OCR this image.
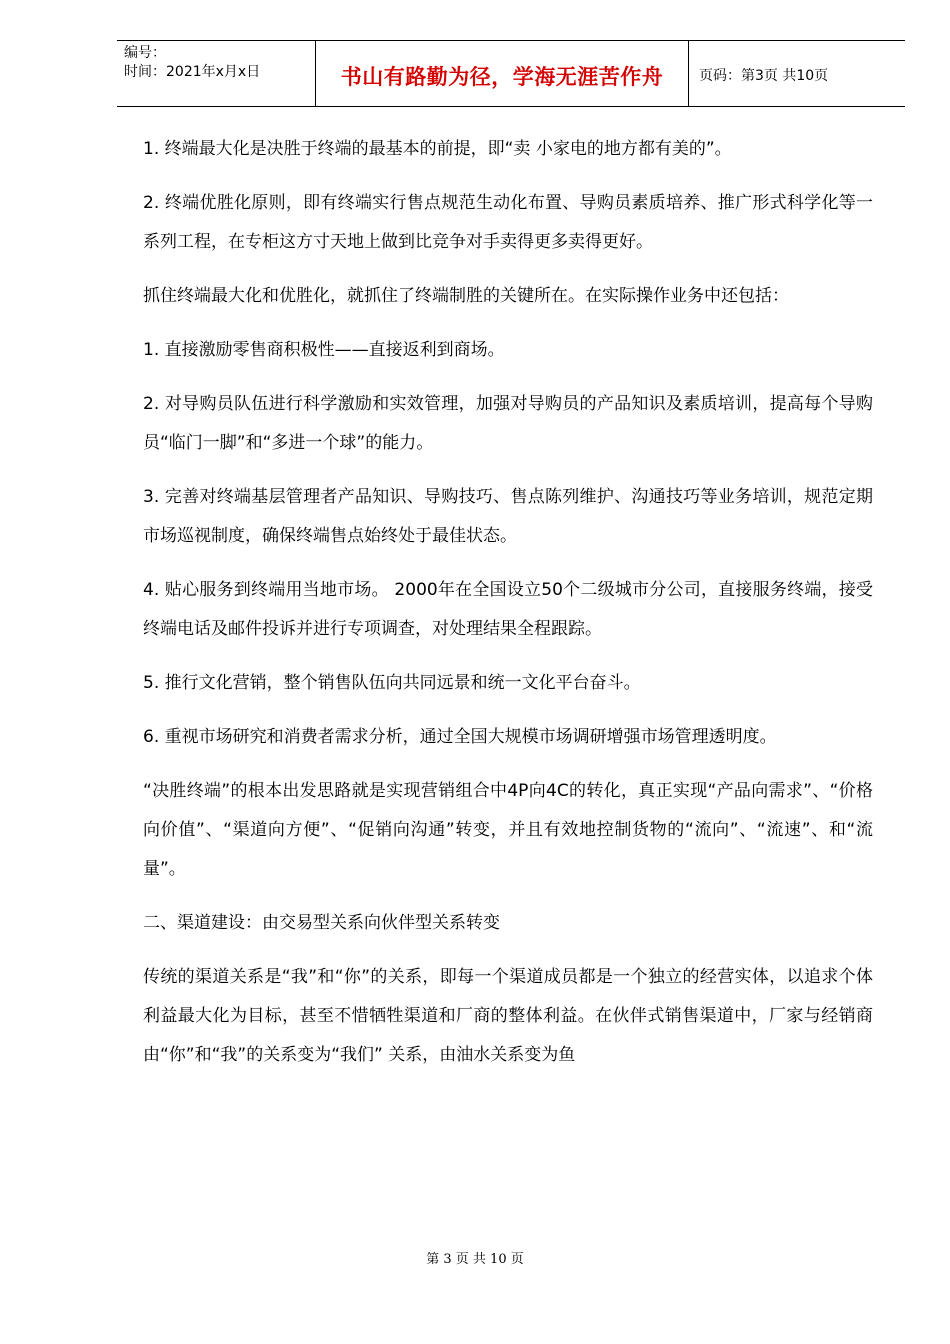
编号：
时间：2021年x月x日	书山有路勤为径，学海无涯苦作舟	页码：第3页 共10页

1. 终端最大化是决胜于终端的最基本的前提，即“卖 小家电的地方都有美的”。

2. 终端优胜化原则，即有终端实行售点规范生动化布置、导购员素质培养、推广形式科学化等一系列工程，在专柜这方寸天地上做到比竞争对手卖得更多卖得更好。

抓住终端最大化和优胜化，就抓住了终端制胜的关键所在。在实际操作业务中还包括：

1. 直接激励零售商积极性——直接返利到商场。

2. 对导购员队伍进行科学激励和实效管理，加强对导购员的产品知识及素质培训，提高每个导购员“临门一脚”和“多进一个球”的能力。

3. 完善对终端基层管理者产品知识、导购技巧、售点陈列维护、沟通技巧等业务培训，规范定期市场巡视制度，确保终端售点始终处于最佳状态。

4. 贴心服务到终端用当地市场。 2000年在全国设立50个二级城市分公司，直接服务终端，接受终端电话及邮件投诉并进行专项调查，对处理结果全程跟踪。

5. 推行文化营销，整个销售队伍向共同远景和统一文化平台奋斗。

6. 重视市场研究和消费者需求分析，通过全国大规模市场调研增强市场管理透明度。

“决胜终端”的根本出发思路就是实现营销组合中4P向4C的转化，真正实现“产品向需求”、“价格向价值”、“渠道向方便”、“促销向沟通”转变，并且有效地控制货物的“流向”、“流速”、和“流量”。

二、渠道建设：由交易型关系向伙伴型关系转变

传统的渠道关系是“我”和“你”的关系，即每一个渠道成员都是一个独立的经营实体，以追求个体利益最大化为目标，甚至不惜牺牲渠道和厂商的整体利益。在伙伴式销售渠道中，厂家与经销商由“你”和“我”的关系变为“我们” 关系，由油水关系变为鱼

第 3 页 共 10 页
